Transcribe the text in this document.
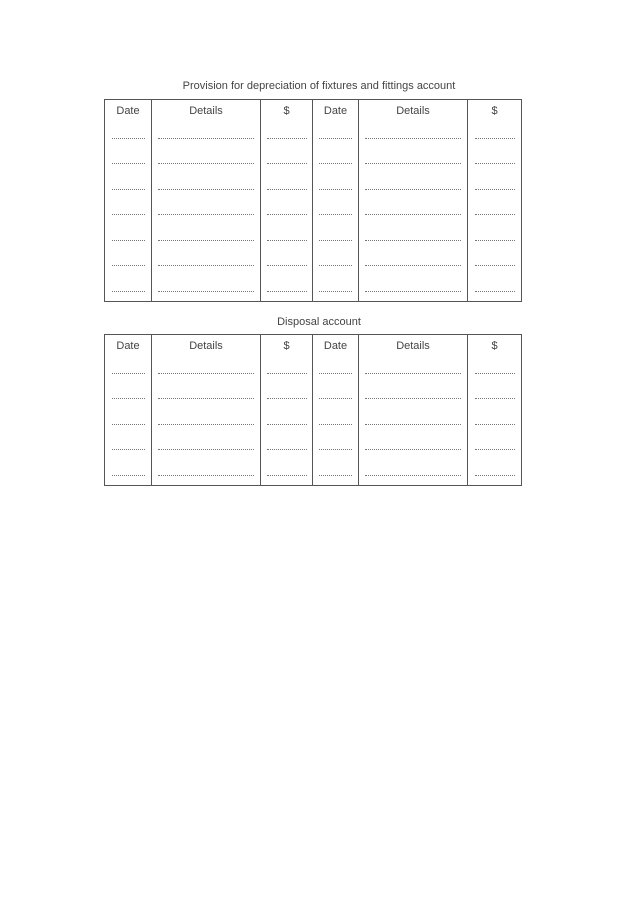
Provision for depreciation of fixtures and fittings account
Date	Details	$	Date	Details	$

Disposal account
Date	Details	$	Date	Details	$
